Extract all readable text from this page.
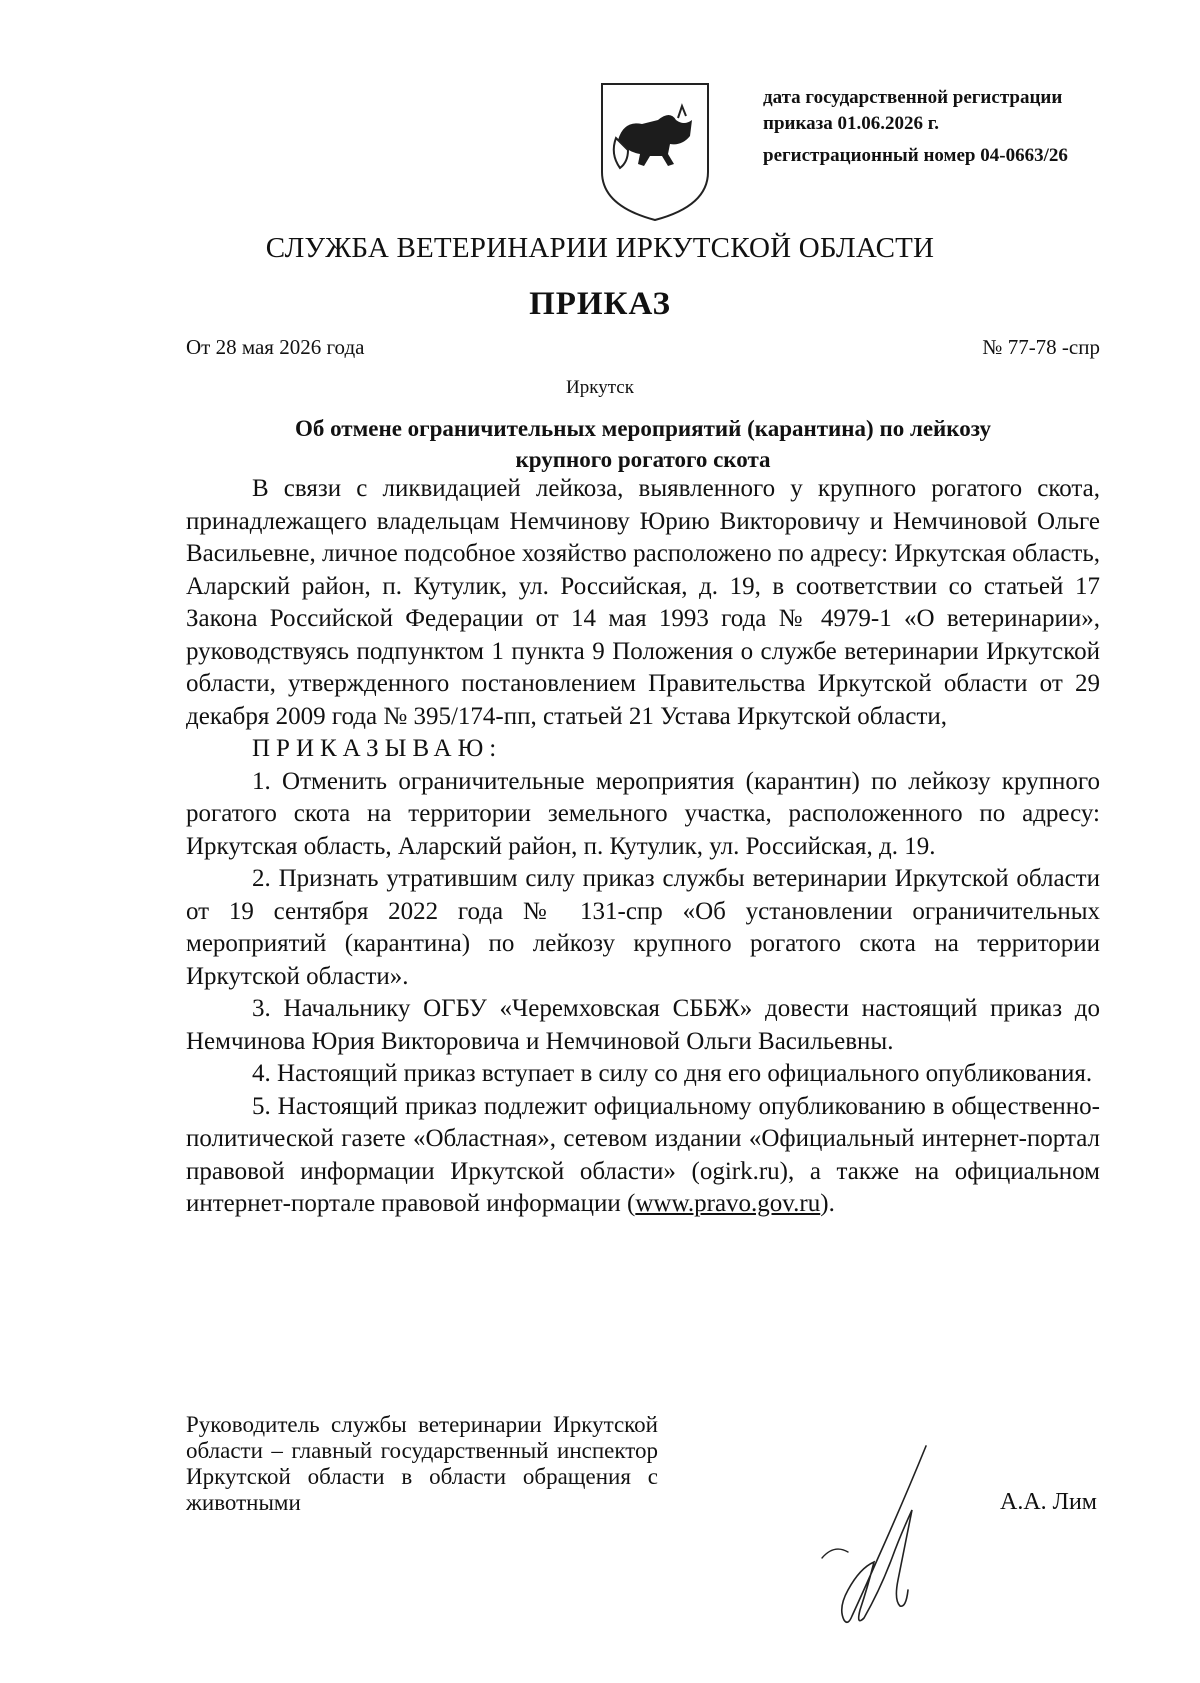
дата государственной регистрации
приказа 01.06.2026 г.
регистрационный номер 04-0663/26
СЛУЖБА ВЕТЕРИНАРИИ ИРКУТСКОЙ ОБЛАСТИ
ПРИКАЗ
От 28 мая 2026 года	№ 77-78 -спр
Иркутск
Об отмене ограничительных мероприятий (карантина) по лейкозу
крупного рогатого скота

В связи с ликвидацией лейкоза, выявленного у крупного рогатого скота, принадлежащего владельцам Немчинову Юрию Викторовичу и Немчиновой Ольге Васильевне, личное подсобное хозяйство расположено по адресу: Иркутская область, Аларский район, п. Кутулик, ул. Российская, д. 19, в соответствии со статьей 17 Закона Российской Федерации от 14 мая 1993 года № 4979-1 «О ветеринарии», руководствуясь подпунктом 1 пункта 9 Положения о службе ветеринарии Иркутской области, утвержденного постановлением Правительства Иркутской области от 29 декабря 2009 года № 395/174-пп, статьей 21 Устава Иркутской области,

ПРИКАЗЫВАЮ:

1. Отменить ограничительные мероприятия (карантин) по лейкозу крупного рогатого скота на территории земельного участка, расположенного по адресу: Иркутская область, Аларский район, п. Кутулик, ул. Российская, д. 19.

2. Признать утратившим силу приказ службы ветеринарии Иркутской области от 19 сентября 2022 года № 131-спр «Об установлении ограничительных мероприятий (карантина) по лейкозу крупного рогатого скота на территории Иркутской области».

3. Начальнику ОГБУ «Черемховская СББЖ» довести настоящий приказ до Немчинова Юрия Викторовича и Немчиновой Ольги Васильевны.

4. Настоящий приказ вступает в силу со дня его официального опубликования.

5. Настоящий приказ подлежит официальному опубликованию в общественно-политической газете «Областная», сетевом издании «Официальный интернет-портал правовой информации Иркутской области» (ogirk.ru), а также на официальном интернет-портале правовой информации (www.pravo.gov.ru).

Руководитель службы ветеринарии Иркутской области – главный государственный инспектор Иркутской области в области обращения с животными	А.А. Лим
